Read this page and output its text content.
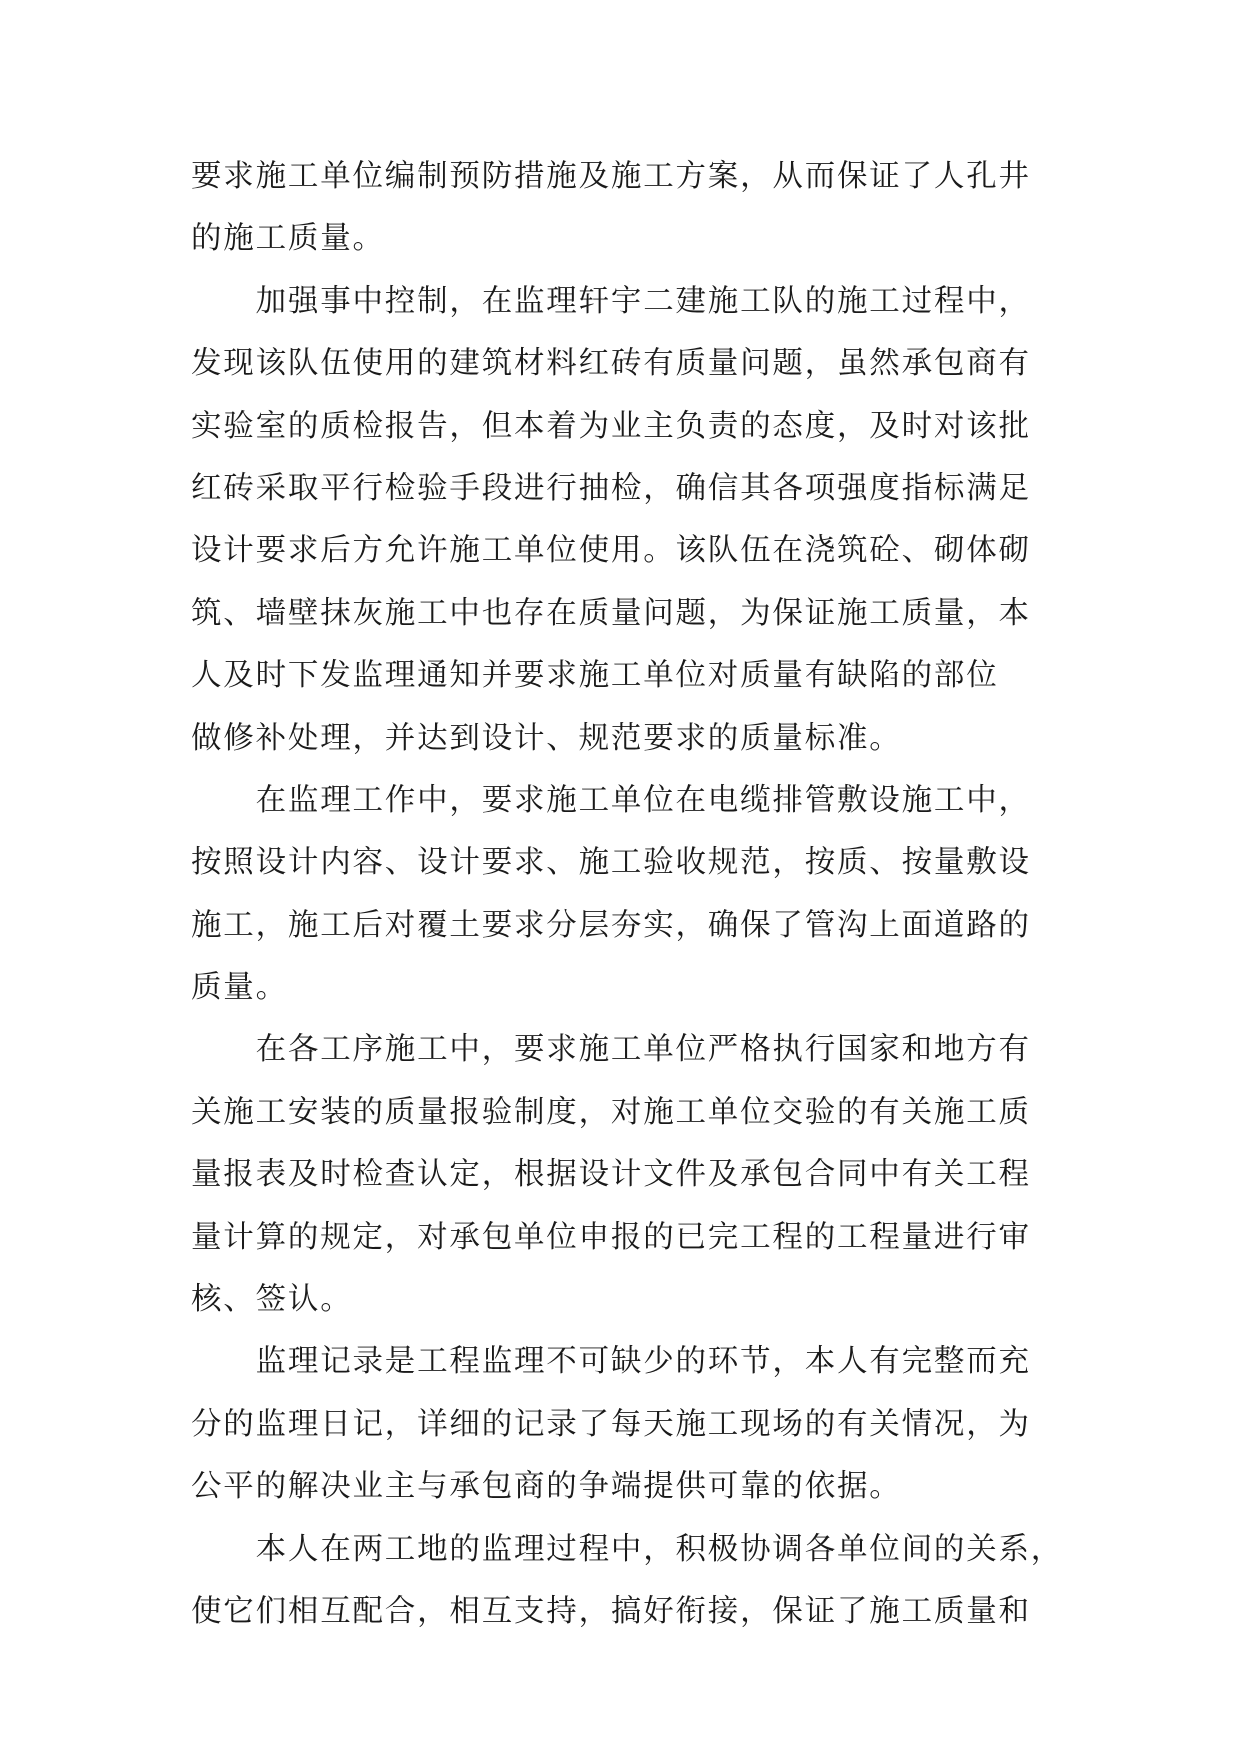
要求施工单位编制预防措施及施工方案，从而保证了人孔井
的施工质量。
　　加强事中控制，在监理轩宇二建施工队的施工过程中，
发现该队伍使用的建筑材料红砖有质量问题，虽然承包商有
实验室的质检报告，但本着为业主负责的态度，及时对该批
红砖采取平行检验手段进行抽检，确信其各项强度指标满足
设计要求后方允许施工单位使用。该队伍在浇筑砼、砌体砌
筑、墙壁抹灰施工中也存在质量问题，为保证施工质量，本
人及时下发监理通知并要求施工单位对质量有缺陷的部位
做修补处理，并达到设计、规范要求的质量标准。
　　在监理工作中，要求施工单位在电缆排管敷设施工中，
按照设计内容、设计要求、施工验收规范，按质、按量敷设
施工，施工后对覆土要求分层夯实，确保了管沟上面道路的
质量。
　　在各工序施工中，要求施工单位严格执行国家和地方有
关施工安装的质量报验制度，对施工单位交验的有关施工质
量报表及时检查认定，根据设计文件及承包合同中有关工程
量计算的规定，对承包单位申报的已完工程的工程量进行审
核、签认。
　　监理记录是工程监理不可缺少的环节，本人有完整而充
分的监理日记，详细的记录了每天施工现场的有关情况，为
公平的解决业主与承包商的争端提供可靠的依据。
　　本人在两工地的监理过程中，积极协调各单位间的关系，
使它们相互配合，相互支持，搞好衔接，保证了施工质量和
